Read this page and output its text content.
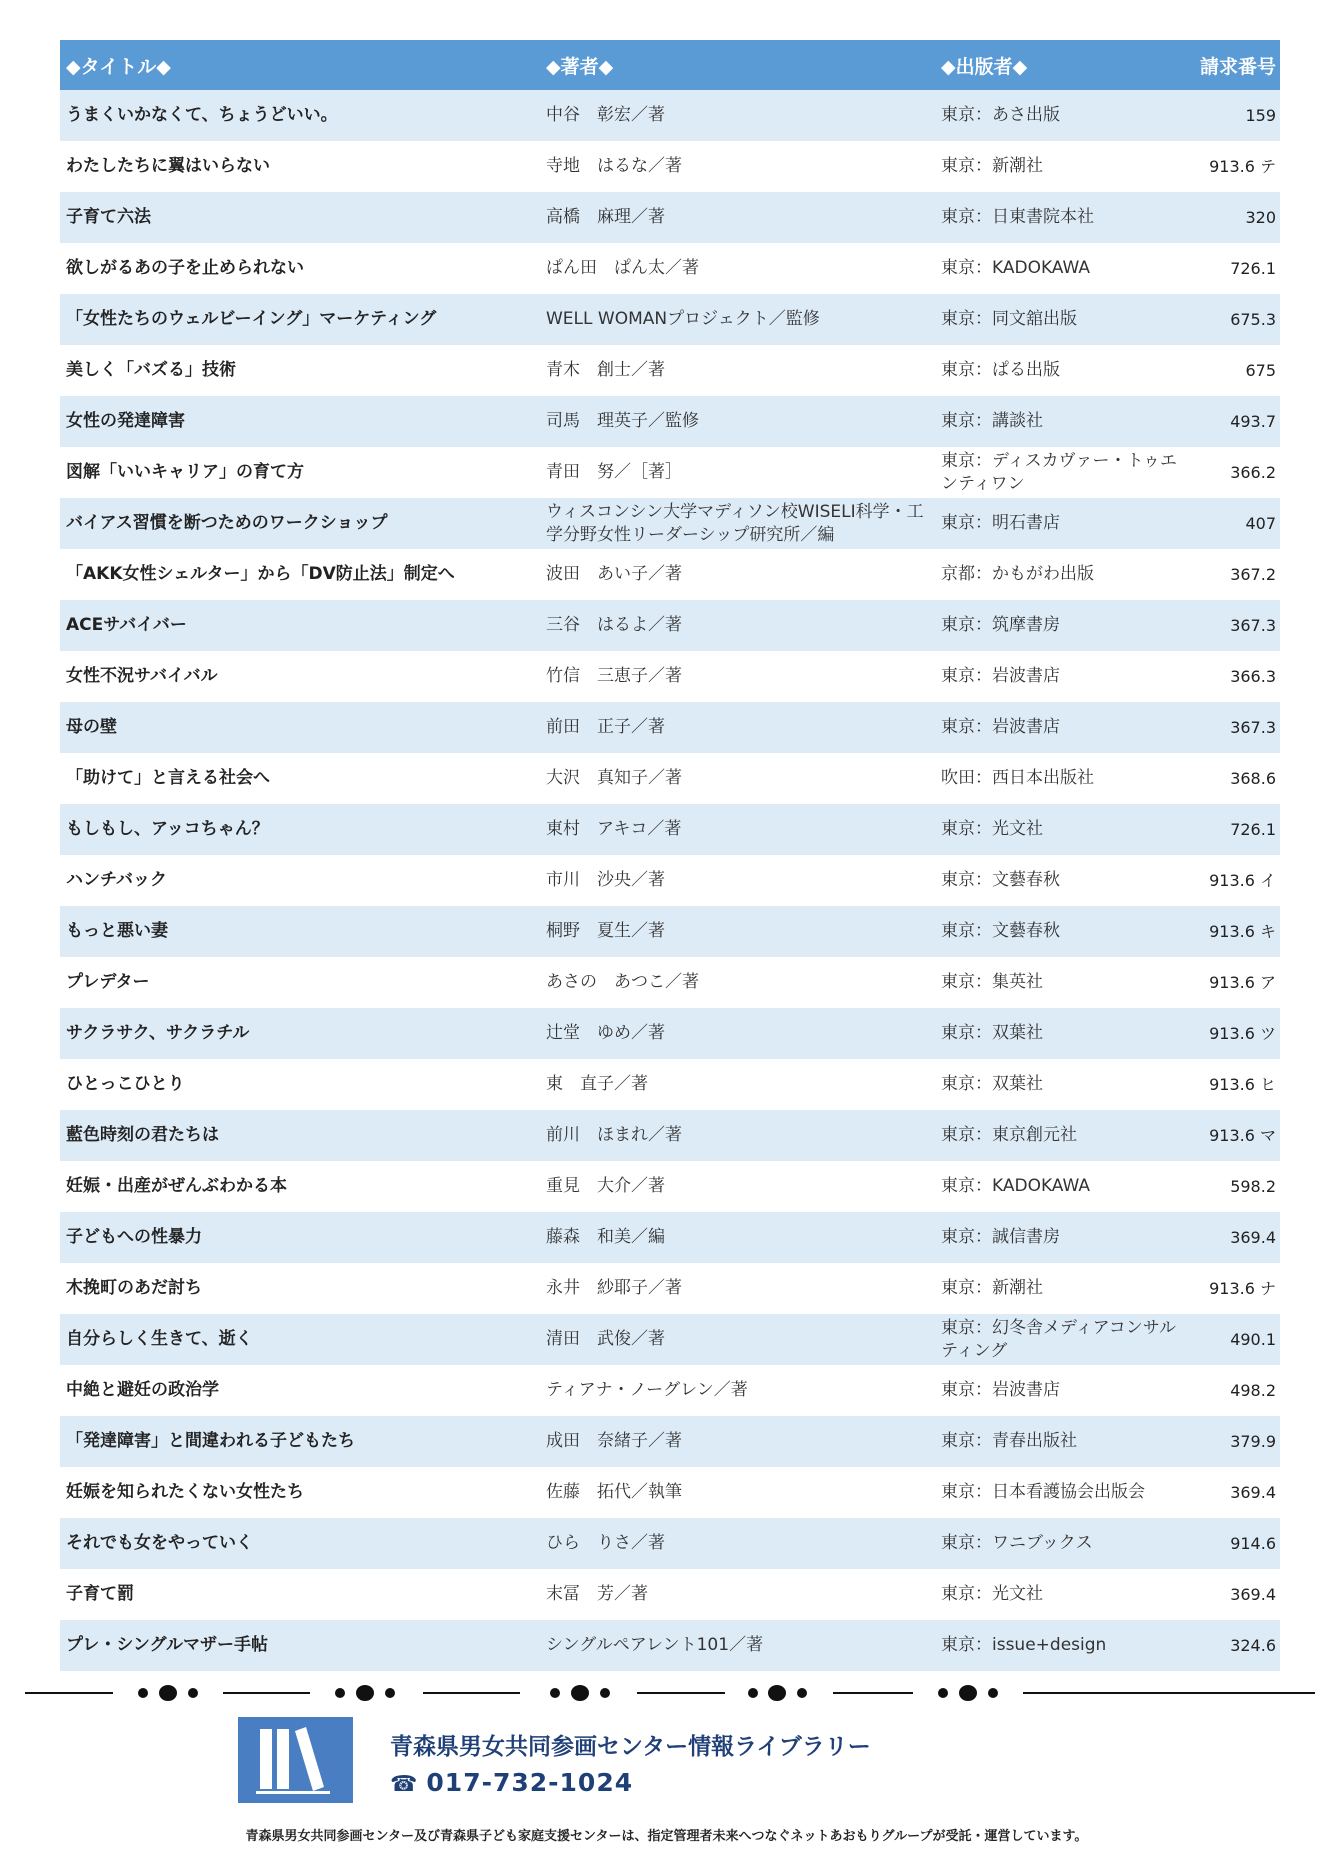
◆タイトル◆	◆著者◆	◆出版者◆	請求番号
うまくいかなくて、ちょうどいい。	中谷　彰宏／著	東京：あさ出版	159
わたしたちに翼はいらない	寺地　はるな／著	東京：新潮社	913.6 テ
子育て六法	高橋　麻理／著	東京：日東書院本社	320
欲しがるあの子を止められない	ぱん田　ぱん太／著	東京：KADOKAWA	726.1
「女性たちのウェルビーイング」マーケティング	WELL WOMANプロジェクト／監修	東京：同文舘出版	675.3
美しく「バズる」技術	青木　創士／著	東京：ぱる出版	675
女性の発達障害	司馬　理英子／監修	東京：講談社	493.7
図解「いいキャリア」の育て方	青田　努／［著］	東京：ディスカヴァー・トゥエンティワン	366.2
バイアス習慣を断つためのワークショップ	ウィスコンシン大学マディソン校WISELI科学・工学分野女性リーダーシップ研究所／編	東京：明石書店	407
「AKK女性シェルター」から「DV防止法」制定へ	波田　あい子／著	京都：かもがわ出版	367.2
ACEサバイバー	三谷　はるよ／著	東京：筑摩書房	367.3
女性不況サバイバル	竹信　三恵子／著	東京：岩波書店	366.3
母の壁	前田　正子／著	東京：岩波書店	367.3
「助けて」と言える社会へ	大沢　真知子／著	吹田：西日本出版社	368.6
もしもし、アッコちゃん？	東村　アキコ／著	東京：光文社	726.1
ハンチバック	市川　沙央／著	東京：文藝春秋	913.6 イ
もっと悪い妻	桐野　夏生／著	東京：文藝春秋	913.6 キ
プレデター	あさの　あつこ／著	東京：集英社	913.6 ア
サクラサク、サクラチル	辻堂　ゆめ／著	東京：双葉社	913.6 ツ
ひとっこひとり	東　直子／著	東京：双葉社	913.6 ヒ
藍色時刻の君たちは	前川　ほまれ／著	東京：東京創元社	913.6 マ
妊娠・出産がぜんぶわかる本	重見　大介／著	東京：KADOKAWA	598.2
子どもへの性暴力	藤森　和美／編	東京：誠信書房	369.4
木挽町のあだ討ち	永井　紗耶子／著	東京：新潮社	913.6 ナ
自分らしく生きて、逝く	清田　武俊／著	東京：幻冬舎メディアコンサルティング	490.1
中絶と避妊の政治学	ティアナ・ノーグレン／著	東京：岩波書店	498.2
「発達障害」と間違われる子どもたち	成田　奈緒子／著	東京：青春出版社	379.9
妊娠を知られたくない女性たち	佐藤　拓代／執筆	東京：日本看護協会出版会	369.4
それでも女をやっていく	ひら　りさ／著	東京：ワニブックス	914.6
子育て罰	末冨　芳／著	東京：光文社	369.4
プレ・シングルマザー手帖	シングルペアレント101／著	東京：issue+design	324.6
青森県男女共同参画センター情報ライブラリー
☎ 017-732-1024
青森県男女共同参画センター及び青森県子ども家庭支援センターは、指定管理者未来へつなぐネットあおもりグループが受託・運営しています。
